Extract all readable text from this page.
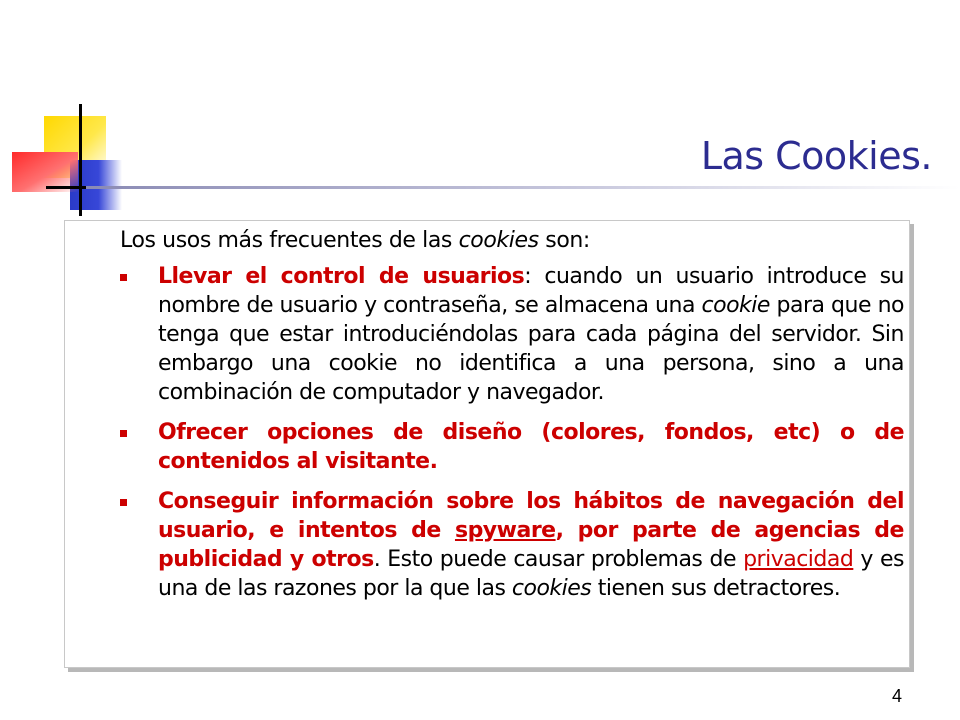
Las Cookies.
Los usos más frecuentes de las cookies son:
Llevar el control de usuarios: cuando un usuario introduce su nombre de usuario y contraseña, se almacena una cookie para que no tenga que estar introduciéndolas para cada página del servidor. Sin embargo una cookie no identifica a una persona, sino a una combinación de computador y navegador.
Ofrecer opciones de diseño (colores, fondos, etc) o de contenidos al visitante.
Conseguir información sobre los hábitos de navegación del usuario, e intentos de spyware, por parte de agencias de publicidad y otros. Esto puede causar problemas de privacidad y es una de las razones por la que las cookies tienen sus detractores.
4
